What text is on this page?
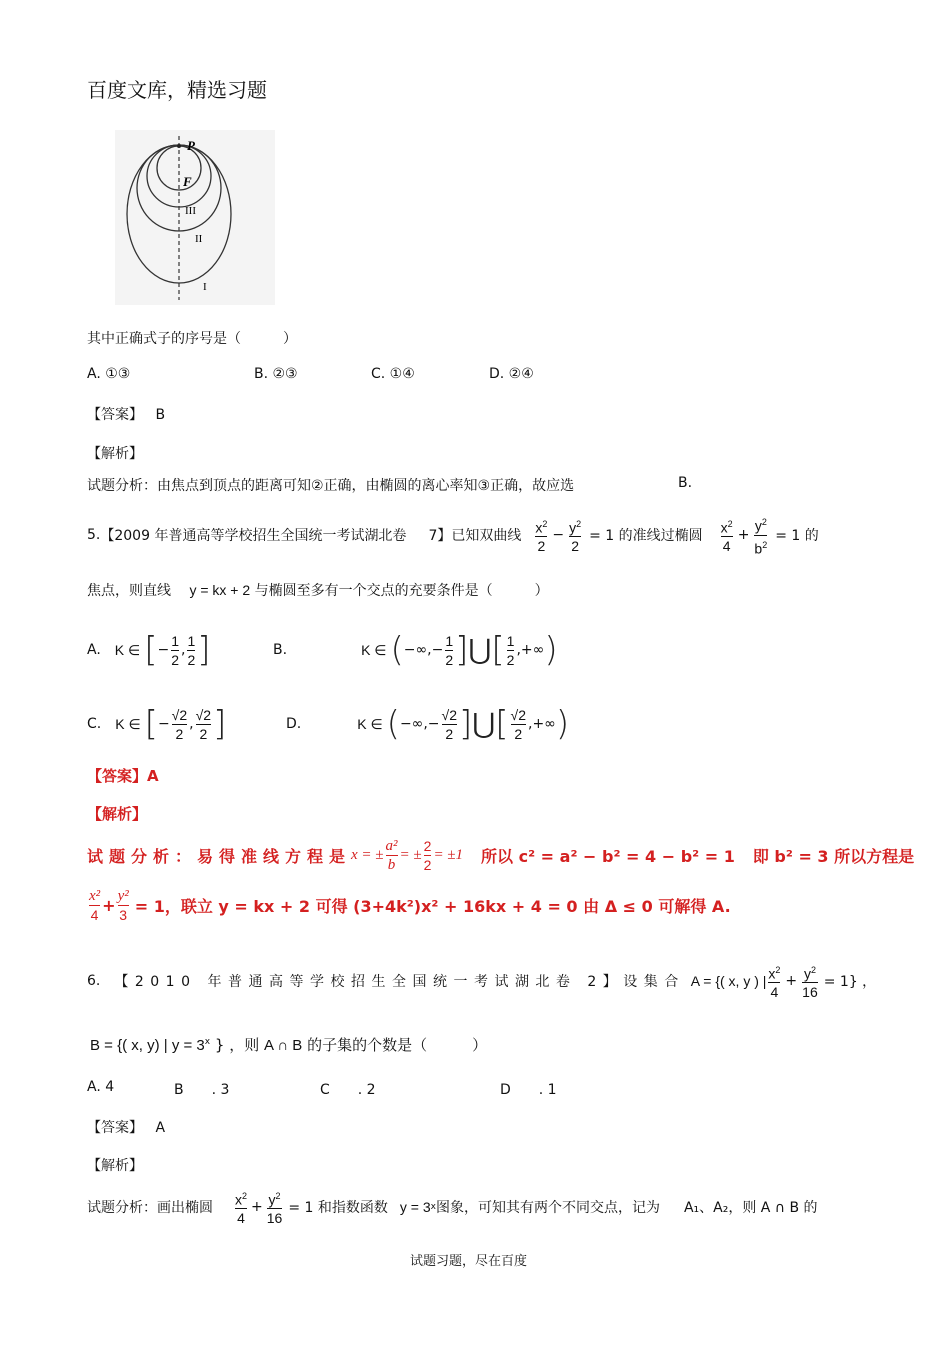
百度文库，精选习题
P
F
III
II
I
其中正确式子的序号是（　　　）
A. ①③	B. ②③	C. ①④	D. ②④
【答案】 B
【解析】
试题分析：由焦点到顶点的距离可知②正确，由椭圆的离心率知③正确，故应选	B.
5. 【2009 年普通高等学校招生全国统一考试湖北卷 7】已知双曲线 $\frac{x^2}{2} - \frac{y^2}{2} = 1$ 的准线过椭圆 $\frac{x^2}{4} + \frac{y^2}{b^2} = 1$ 的
焦点，则直线 y = kx + 2 与椭圆至多有一个交点的充要条件是（　　　）
A. K ∈ [ − $\frac{1}{2}$ , $\frac{1}{2}$ ]	B.	K ∈ ( −∞ , − $\frac{1}{2}$ ] ⋃ [ $\frac{1}{2}$ , +∞ )
C. K ∈ [ − $\frac{√2}{2}$ , $\frac{√2}{2}$ ]	D.	K ∈ ( −∞ , − $\frac{√2}{2}$ ] ⋃ [ $\frac{√2}{2}$ , +∞ )
【答案】A
【解析】
试题分析：易得准线方程是 x = ± $\frac{\text{a²}}{b}$ = ± $\frac{2}{2} = \pm 1$ 所以 c² = a² − b² = 4 − b² = 1 即 b² = 3 所以方程是
$\frac{\text{x²}}{4} + \frac{\text{y²}}{3} = 1$，联立 y = kx + 2 可得 (3+4k²)x² + 16kx + 4 = 0 由 Δ ≤ 0 可解得 A.
6. 【2010 年普通高等学校招生全国统一考试湖北卷 2】设集合 A = {( x, y ) | $\frac{x^2}{4} + \frac{y^2}{16} = 1$} ，
B = {( x, y) | $y = 3^x$ } ，则 A ∩ B 的子集的个数是（　　　）
A. 4	B　　. 3	C　　. 2	D　　. 1
【答案】 A
【解析】
试题分析：画出椭圆 $\frac{x^2}{4} + \frac{y^2}{16} = 1$ 和指数函数 y = 3 x 图象，可知其有两个不同交点，记为 A₁、A₂，则 A ∩ B 的
试题习题，尽在百度
